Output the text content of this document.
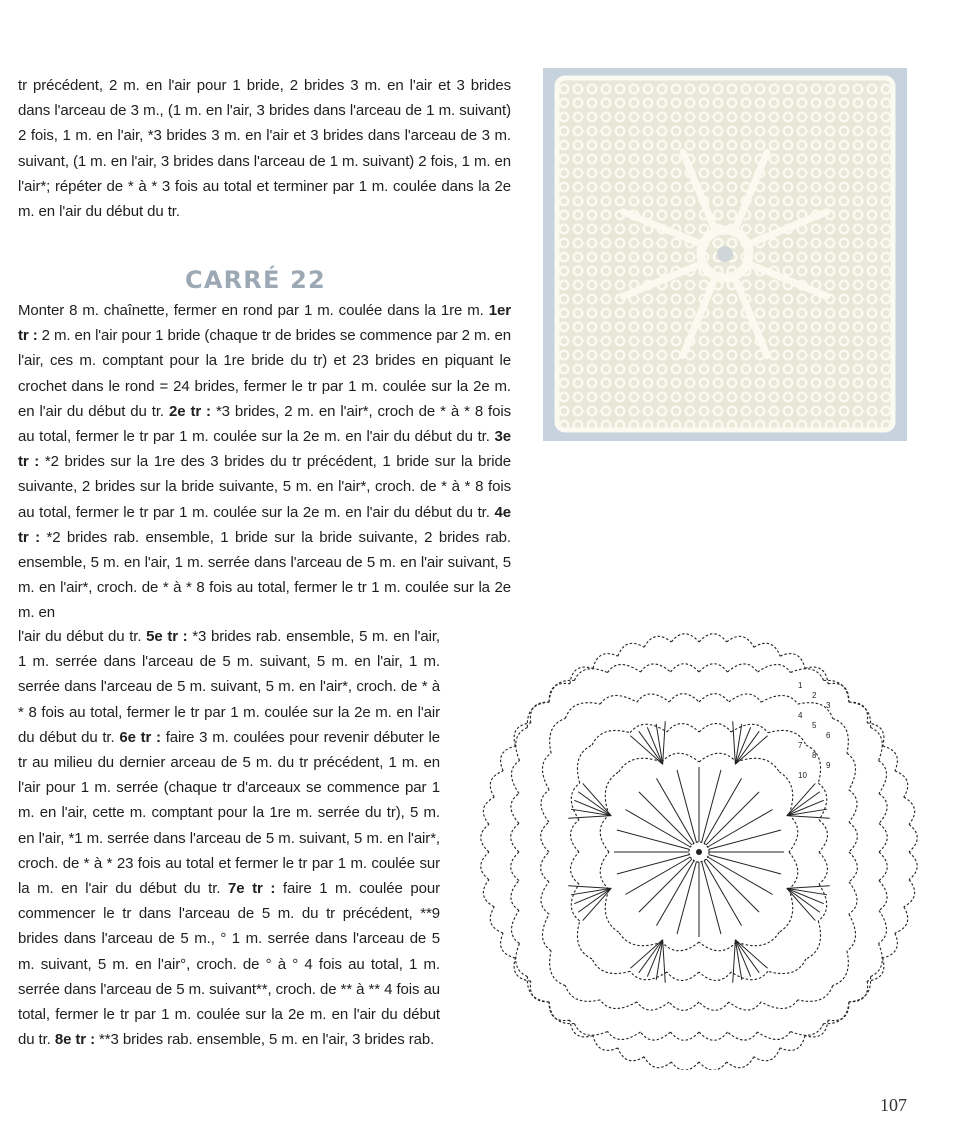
tr précédent, 2 m. en l'air pour 1 bride, 2 brides 3 m. en l'air et 3 brides dans l'arceau de 3 m., (1 m. en l'air, 3 brides dans l'arceau de 1 m. suivant) 2 fois, 1 m. en l'air, *3 brides 3 m. en l'air et 3 brides dans l'arceau de 3 m. suivant, (1 m. en l'air, 3 brides dans l'arceau de 1 m. suivant) 2 fois, 1 m. en l'air*; répéter de * à * 3 fois au total et terminer par 1 m. coulée dans la 2e m. en l'air du début du tr.

CARRÉ 22

Monter 8 m. chaînette, fermer en rond par 1 m. coulée dans la 1re m. 1er tr : 2 m. en l'air pour 1 bride (chaque tr de brides se commence par 2 m. en l'air, ces m. comptant pour la 1re bride du tr) et 23 brides en piquant le crochet dans le rond = 24 brides, fermer le tr par 1 m. coulée sur la 2e m. en l'air du début du tr. 2e tr : *3 brides, 2 m. en l'air*, croch de * à * 8 fois au total, fermer le tr par 1 m. coulée sur la 2e m. en l'air du début du tr. 3e tr : *2 brides sur la 1re des 3 brides du tr précédent, 1 bride sur la bride suivante, 2 brides sur la bride suivante, 5 m. en l'air*, croch. de * à * 8 fois au total, fermer le tr par 1 m. coulée sur la 2e m. en l'air du début du tr. 4e tr : *2 brides rab. ensemble, 1 bride sur la bride suivante, 2 brides rab. ensemble, 5 m. en l'air, 1 m. serrée dans l'arceau de 5 m. en l'air suivant, 5 m. en l'air*, croch. de * à * 8 fois au total, fermer le tr 1 m. coulée sur la 2e m. en

l'air du début du tr. 5e tr : *3 brides rab. ensemble, 5 m. en l'air, 1 m. serrée dans l'arceau de 5 m. suivant, 5 m. en l'air, 1 m. serrée dans l'arceau de 5 m. suivant, 5 m. en l'air*, croch. de * à * 8 fois au total, fermer le tr par 1 m. coulée sur la 2e m. en l'air du début du tr. 6e tr : faire 3 m. coulées pour revenir débuter le tr au milieu du dernier arceau de 5 m. du tr précédent, 1 m. en l'air pour 1 m. serrée (chaque tr d'arceaux se commence par 1 m. en l'air, cette m. comptant pour la 1re m. serrée du tr), 5 m. en l'air, *1 m. serrée dans l'arceau de 5 m. suivant, 5 m. en l'air*, croch. de * à * 23 fois au total et fermer le tr par 1 m. coulée sur la m. en l'air du début du tr. 7e tr : faire 1 m. coulée pour commencer le tr dans l'arceau de 5 m. du tr précédent, **9 brides dans l'arceau de 5 m., ° 1 m. serrée dans l'arceau de 5 m. suivant, 5 m. en l'air°, croch. de ° à ° 4 fois au total, 1 m. serrée dans l'arceau de 5 m. suivant**, croch. de ** à ** 4 fois au total, fermer le tr par 1 m. coulée sur la 2e m. en l'air du début du tr. 8e tr : **3 brides rab. ensemble, 5 m. en l'air, 3 brides rab.

1
2
3
4
5
6
7
8
9
10
107
